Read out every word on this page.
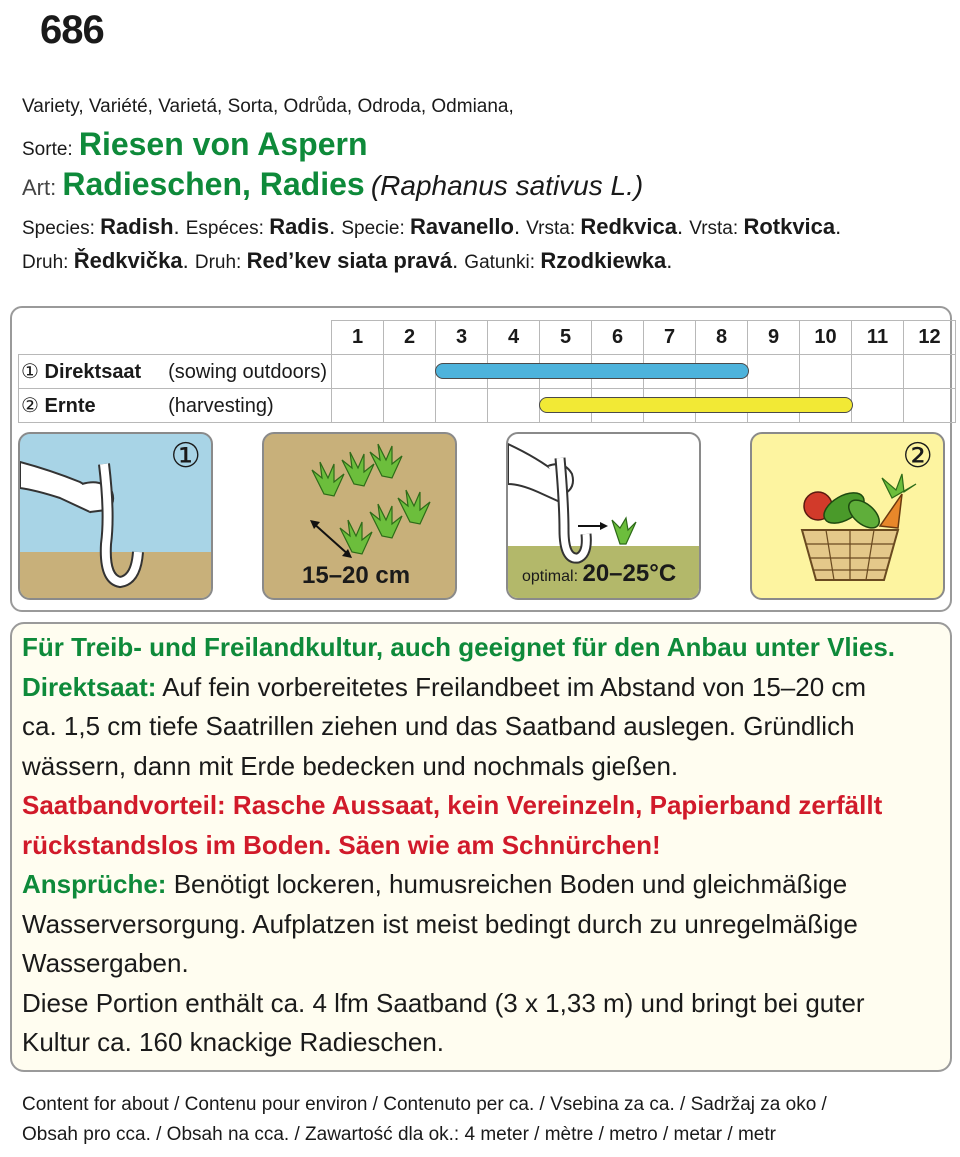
686
Variety, Variété, Varietá, Sorta, Odrůda, Odroda, Odmiana,
Sorte: Riesen von Aspern
Art: Radieschen, Radies (Raphanus sativus L.)
Species: Radish. Espéces: Radis. Specie: Ravanello. Vrsta: Redkvica. Vrsta: Rotkvica.
Druh: Ředkvička. Druh: Red’kev siata pravá. Gatunki: Rzodkiewka.
	1	2	3	4	5	6	7	8	9	10	11	12
① Direktsaat (sowing outdoors)												
② Ernte (harvesting)												
①
15–20 cm	optimal: 20–25°C
②
Für Treib- und Freilandkultur, auch geeignet für den Anbau unter Vlies.
Direktsaat: Auf fein vorbereitetes Freilandbeet im Abstand von 15–20 cm
ca. 1,5 cm tiefe Saatrillen ziehen und das Saatband auslegen. Gründlich
wässern, dann mit Erde bedecken und nochmals gießen.
Saatbandvorteil: Rasche Aussaat, kein Vereinzeln, Papierband zerfällt
rückstandslos im Boden. Säen wie am Schnürchen!
Ansprüche: Benötigt lockeren, humusreichen Boden und gleichmäßige
Wasserversorgung. Aufplatzen ist meist bedingt durch zu unregelmäßige
Wassergaben.
Diese Portion enthält ca. 4 lfm Saatband (3 x 1,33 m) und bringt bei guter
Kultur ca. 160 knackige Radieschen.
Content for about / Contenu pour environ / Contenuto per ca. / Vsebina za ca. / Sadržaj za oko /
Obsah pro cca. / Obsah na cca. / Zawartość dla ok.: 4 meter / mètre / metro / metar / metr
